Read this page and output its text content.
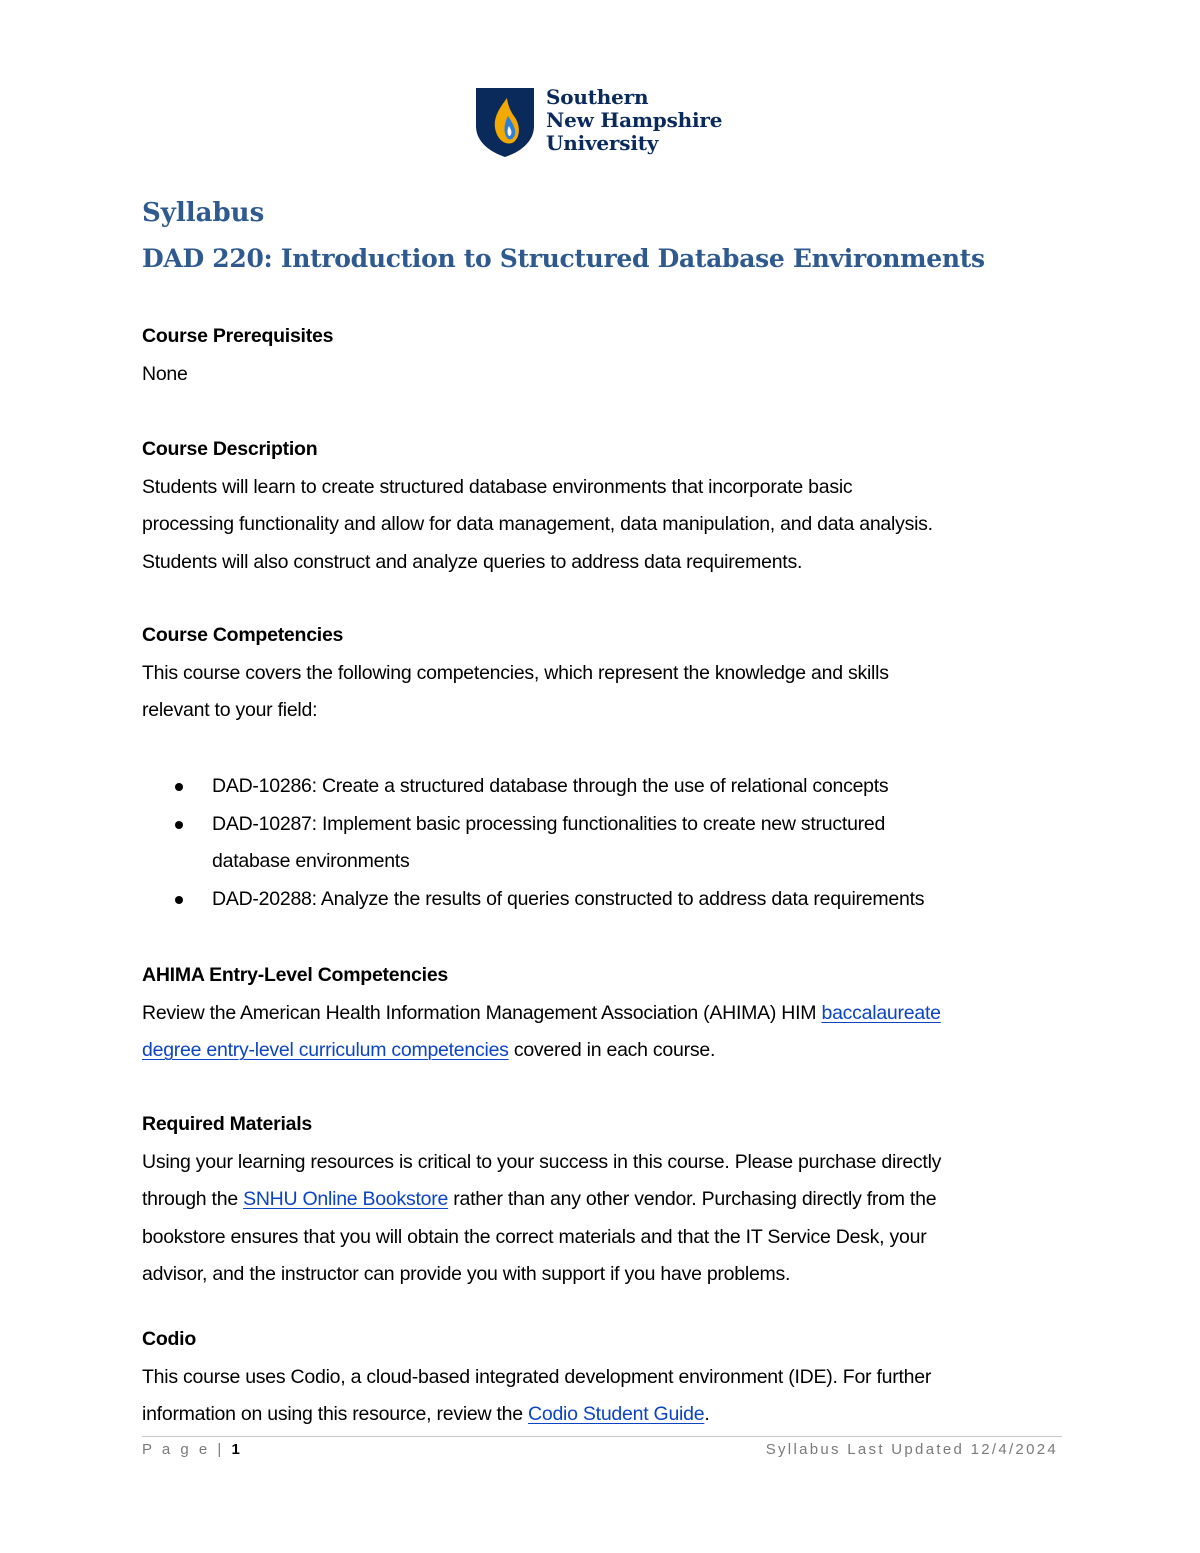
Southern
New Hampshire
University
Syllabus
DAD 220: Introduction to Structured Database Environments
Course Prerequisites
None
Course Description
Students will learn to create structured database environments that incorporate basic
processing functionality and allow for data management, data manipulation, and data analysis.
Students will also construct and analyze queries to address data requirements.
Course Competencies
This course covers the following competencies, which represent the knowledge and skills
relevant to your field:
DAD-10286: Create a structured database through the use of relational concepts
DAD-10287: Implement basic processing functionalities to create new structured
database environments
DAD-20288: Analyze the results of queries constructed to address data requirements
AHIMA Entry-Level Competencies
Review the American Health Information Management Association (AHIMA) HIM baccalaureate
degree entry-level curriculum competencies covered in each course.
Required Materials
Using your learning resources is critical to your success in this course. Please purchase directly
through the SNHU Online Bookstore rather than any other vendor. Purchasing directly from the
bookstore ensures that you will obtain the correct materials and that the IT Service Desk, your
advisor, and the instructor can provide you with support if you have problems.
Codio
This course uses Codio, a cloud-based integrated development environment (IDE). For further
information on using this resource, review the Codio Student Guide.
P a g e | 1	Syllabus Last Updated 12/4/2024
